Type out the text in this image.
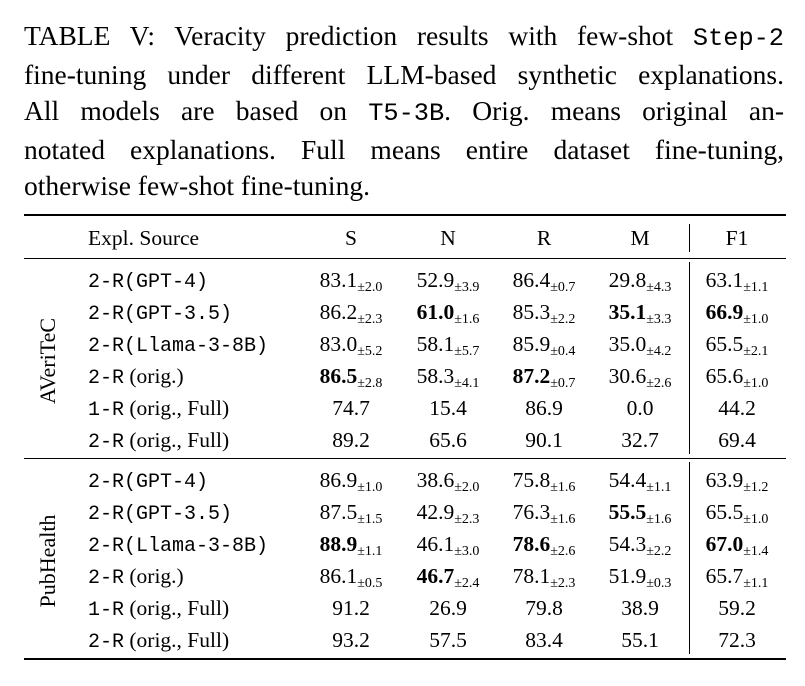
TABLE V: Veracity prediction results with few-shot Step-2
fine-tuning under different LLM-based synthetic explanations.
All models are based on T5-3B. Orig. means original an-
notated explanations. Full means entire dataset fine-tuning,
otherwise few-shot fine-tuning.
Expl. Source	S	N	R	M	F1
AVeriTeC
2-R(GPT-4)	$83.1_{\pm 2.0}$ $52.9_{\pm 3.9}$ $86.4_{\pm 0.7}$ $29.8_{\pm 4.3}$ $63.1_{\pm 1.1}$
2-R(GPT-3.5)	$86.2_{\pm 2.3}$ $61.0_{\pm 1.6}$ $85.3_{\pm 2.2}$ $35.1_{\pm 3.3}$ $66.9_{\pm 1.0}$
2-R(Llama-3-8B) $83.0_{\pm 5.2}$ $58.1_{\pm 5.7}$ $85.9_{\pm 0.4}$ $35.0_{\pm 4.2}$ $65.5_{\pm 2.1}$
2-R (orig.)	$86.5_{\pm 2.8}$ $58.3_{\pm 4.1}$ $87.2_{\pm 0.7}$ $30.6_{\pm 2.6}$ $65.6_{\pm 1.0}$
1-R (orig., Full)	74.7	15.4	86.9	0.0	44.2
2-R (orig., Full)	89.2	65.6	90.1	32.7	69.4
PubHealth
2-R(GPT-4)	$86.9_{\pm 1.0}$ $38.6_{\pm 2.0}$ $75.8_{\pm 1.6}$ $54.4_{\pm 1.1}$ $63.9_{\pm 1.2}$
2-R(GPT-3.5)	$87.5_{\pm 1.5}$ $42.9_{\pm 2.3}$ $76.3_{\pm 1.6}$ $55.5_{\pm 1.6}$ $65.5_{\pm 1.0}$
2-R(Llama-3-8B) $88.9_{\pm 1.1}$ $46.1_{\pm 3.0}$ $78.6_{\pm 2.6}$ $54.3_{\pm 2.2}$ $67.0_{\pm 1.4}$
2-R (orig.)	$86.1_{\pm 0.5}$ $46.7_{\pm 2.4}$ $78.1_{\pm 2.3}$ $51.9_{\pm 0.3}$ $65.7_{\pm 1.1}$
1-R (orig., Full)	91.2	26.9	79.8	38.9	59.2
2-R (orig., Full)	93.2	57.5	83.4	55.1	72.3
